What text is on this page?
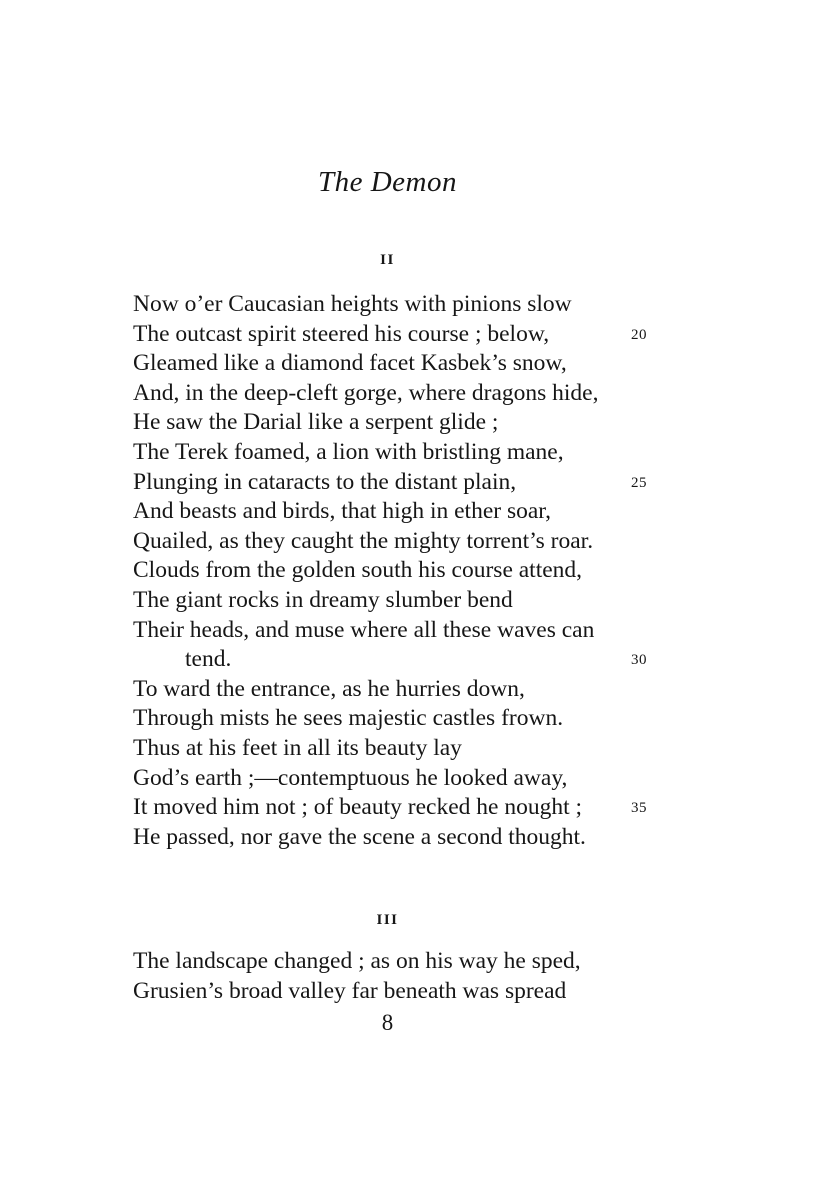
The Demon
II
Now o’er Caucasian heights with pinions slow
The outcast spirit steered his course ; below,	20
Gleamed like a diamond facet Kasbek’s snow,
And, in the deep-cleft gorge, where dragons hide,
He saw the Darial like a serpent glide ;
The Terek foamed, a lion with bristling mane,
Plunging in cataracts to the distant plain,	25
And beasts and birds, that high in ether soar,
Quailed, as they caught the mighty torrent’s roar.
Clouds from the golden south his course attend,
The giant rocks in dreamy slumber bend
Their heads, and muse where all these waves can
tend.	30
To ward the entrance, as he hurries down,
Through mists he sees majestic castles frown.
Thus at his feet in all its beauty lay
God’s earth ;—contemptuous he looked away,
It moved him not ; of beauty recked he nought ;	35
He passed, nor gave the scene a second thought.
III
The landscape changed ; as on his way he sped,
Grusien’s broad valley far beneath was spread
8
